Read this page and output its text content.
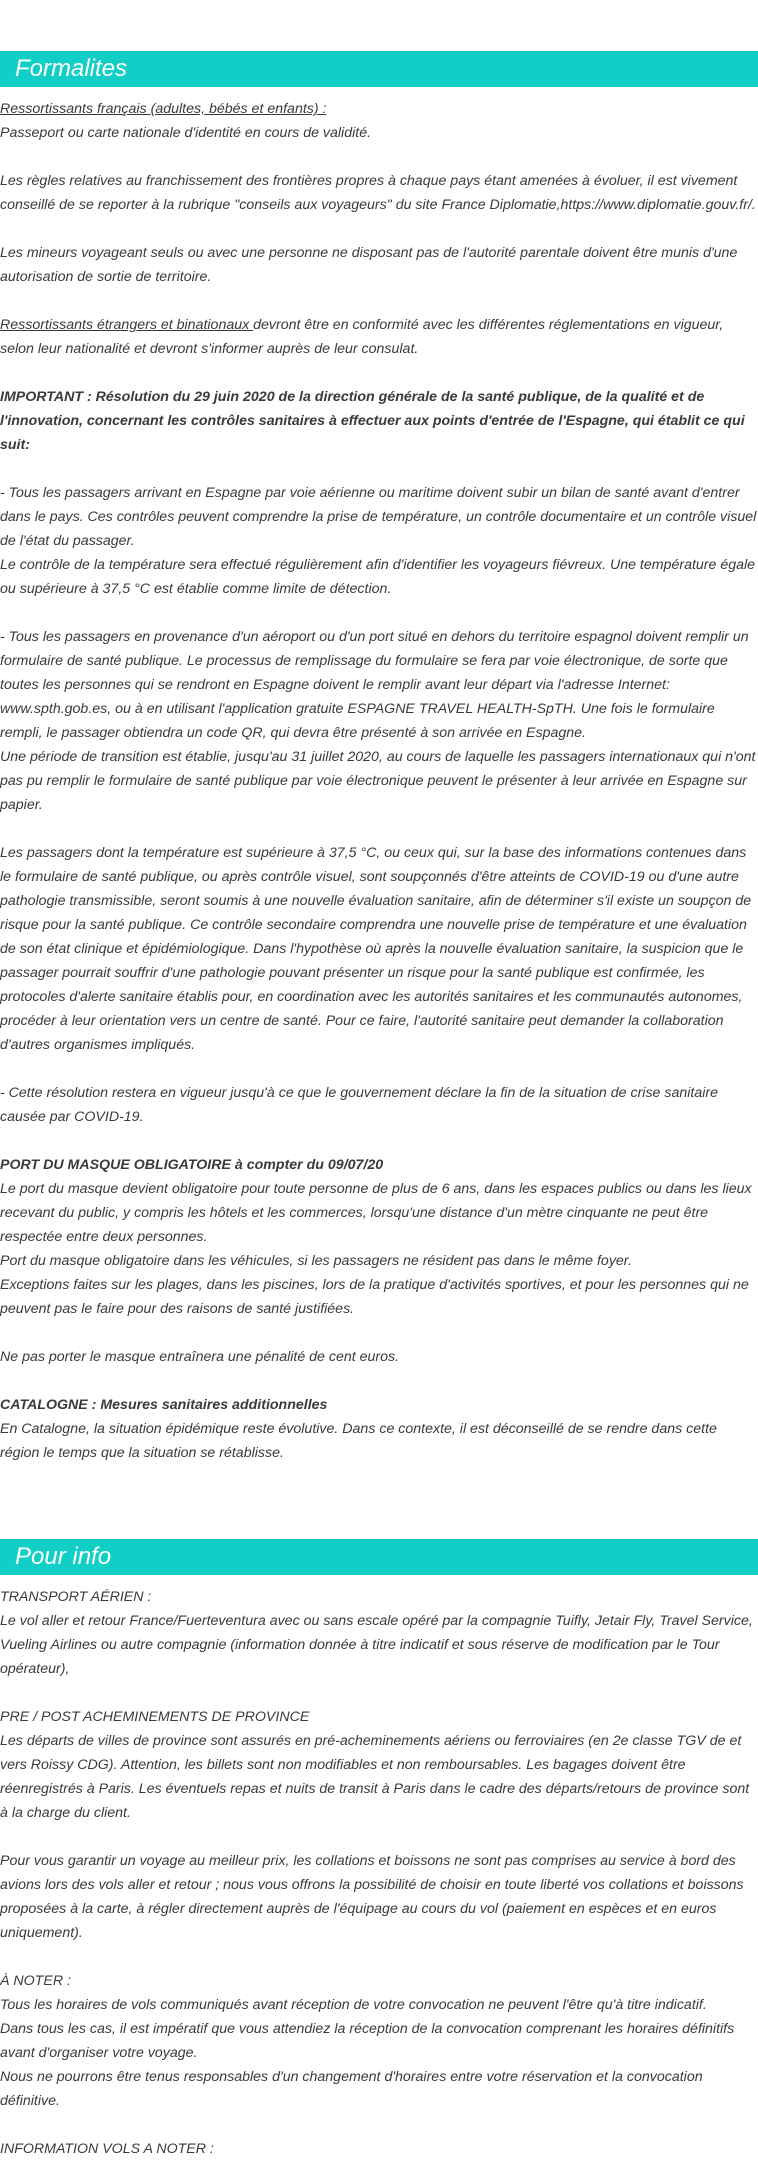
Formalites

Ressortissants français (adultes, bébés et enfants) :

Passeport ou carte nationale d'identité en cours de validité.

Les règles relatives au franchissement des frontières propres à chaque pays étant amenées à évoluer, il est vivement conseillé de se reporter à la rubrique "conseils aux voyageurs" du site France Diplomatie,https://www.diplomatie.gouv.fr/.

Les mineurs voyageant seuls ou avec une personne ne disposant pas de l'autorité parentale doivent être munis d'une autorisation de sortie de territoire.

Ressortissants étrangers et binationaux devront être en conformité avec les différentes réglementations en vigueur, selon leur nationalité et devront s'informer auprès de leur consulat.

IMPORTANT : Résolution du 29 juin 2020 de la direction générale de la santé publique, de la qualité et de l'innovation, concernant les contrôles sanitaires à effectuer aux points d'entrée de l'Espagne, qui établit ce qui suit:

- Tous les passagers arrivant en Espagne par voie aérienne ou maritime doivent subir un bilan de santé avant d'entrer dans le pays. Ces contrôles peuvent comprendre la prise de température, un contrôle documentaire et un contrôle visuel de l'état du passager.

Le contrôle de la température sera effectué régulièrement afin d'identifier les voyageurs fiévreux. Une température égale ou supérieure à 37,5 °C est établie comme limite de détection.

- Tous les passagers en provenance d'un aéroport ou d'un port situé en dehors du territoire espagnol doivent remplir un formulaire de santé publique. Le processus de remplissage du formulaire se fera par voie électronique, de sorte que toutes les personnes qui se rendront en Espagne doivent le remplir avant leur départ via l'adresse Internet: www.spth.gob.es, ou à en utilisant l'application gratuite ESPAGNE TRAVEL HEALTH-SpTH. Une fois le formulaire rempli, le passager obtiendra un code QR, qui devra être présenté à son arrivée en Espagne.

Une période de transition est établie, jusqu'au 31 juillet 2020, au cours de laquelle les passagers internationaux qui n'ont pas pu remplir le formulaire de santé publique par voie électronique peuvent le présenter à leur arrivée en Espagne sur papier.

Les passagers dont la température est supérieure à 37,5 °C, ou ceux qui, sur la base des informations contenues dans le formulaire de santé publique, ou après contrôle visuel, sont soupçonnés d'être atteints de COVID-19 ou d'une autre pathologie transmissible, seront soumis à une nouvelle évaluation sanitaire, afin de déterminer s'il existe un soupçon de risque pour la santé publique. Ce contrôle secondaire comprendra une nouvelle prise de température et une évaluation de son état clinique et épidémiologique. Dans l'hypothèse où après la nouvelle évaluation sanitaire, la suspicion que le passager pourrait souffrir d'une pathologie pouvant présenter un risque pour la santé publique est confirmée, les protocoles d'alerte sanitaire établis pour, en coordination avec les autorités sanitaires et les communautés autonomes, procéder à leur orientation vers un centre de santé. Pour ce faire, l'autorité sanitaire peut demander la collaboration d'autres organismes impliqués.

- Cette résolution restera en vigueur jusqu'à ce que le gouvernement déclare la fin de la situation de crise sanitaire causée par COVID-19.

PORT DU MASQUE OBLIGATOIRE à compter du 09/07/20

Le port du masque devient obligatoire pour toute personne de plus de 6 ans, dans les espaces publics ou dans les lieux recevant du public, y compris les hôtels et les commerces, lorsqu'une distance d'un mètre cinquante ne peut être respectée entre deux personnes.

Port du masque obligatoire dans les véhicules, si les passagers ne résident pas dans le même foyer.

Exceptions faites sur les plages, dans les piscines, lors de la pratique d'activités sportives, et pour les personnes qui ne peuvent pas le faire pour des raisons de santé justifiées.

Ne pas porter le masque entraînera une pénalité de cent euros.

CATALOGNE : Mesures sanitaires additionnelles

En Catalogne, la situation épidémique reste évolutive. Dans ce contexte, il est déconseillé de se rendre dans cette région le temps que la situation se rétablisse.

Pour info

TRANSPORT AÉRIEN :

Le vol aller et retour France/Fuerteventura avec ou sans escale opéré par la compagnie Tuifly, Jetair Fly, Travel Service, Vueling Airlines ou autre compagnie (information donnée à titre indicatif et sous réserve de modification par le Tour opérateur),

PRE / POST ACHEMINEMENTS DE PROVINCE

Les départs de villes de province sont assurés en pré-acheminements aériens ou ferroviaires (en 2e classe TGV de et vers Roissy CDG). Attention, les billets sont non modifiables et non remboursables. Les bagages doivent être réenregistrés à Paris. Les éventuels repas et nuits de transit à Paris dans le cadre des départs/retours de province sont à la charge du client.

Pour vous garantir un voyage au meilleur prix, les collations et boissons ne sont pas comprises au service à bord des avions lors des vols aller et retour ; nous vous offrons la possibilité de choisir en toute liberté vos collations et boissons proposées à la carte, à régler directement auprès de l'équipage au cours du vol (paiement en espèces et en euros uniquement).

À NOTER :

Tous les horaires de vols communiqués avant réception de votre convocation ne peuvent l'être qu'à titre indicatif.

Dans tous les cas, il est impératif que vous attendiez la réception de la convocation comprenant les horaires définitifs avant d'organiser votre voyage.

Nous ne pourrons être tenus responsables d'un changement d'horaires entre votre réservation et la convocation définitive.

INFORMATION VOLS A NOTER :
